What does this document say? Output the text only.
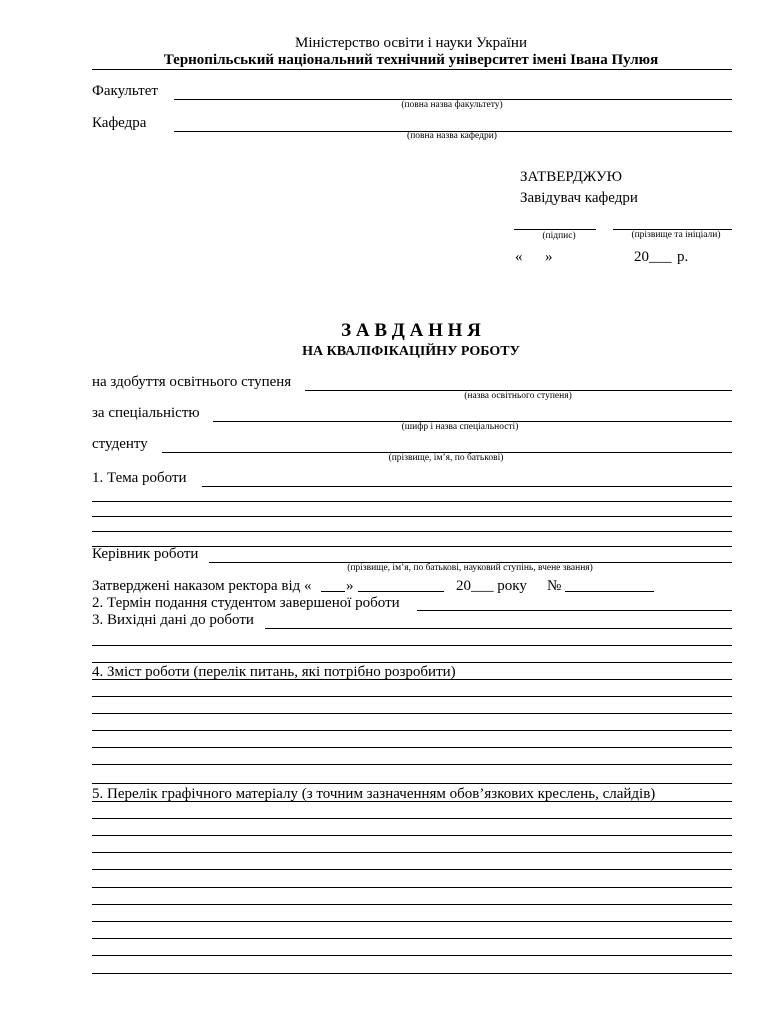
Міністерство освіти і науки України
Тернопільський національний технічний університет імені Івана Пулюя
Факультет
(повна назва факультету)
Кафедра
(повна назва кафедри)
ЗАТВЕРДЖУЮ
Завідувач кафедри
(підпис)	(прізвище та ініціали)
« »	20___ р.
З А В Д А Н Н Я
НА КВАЛІФІКАЦІЙНУ РОБОТУ
на здобуття освітнього ступеня
(назва освітнього ступеня)
за спеціальністю
(шифр і назва спеціальності)
студенту
(прізвище, ім’я, по батькові)
1. Тема роботи
Керівник роботи
(прізвище, ім’я, по батькові, науковий ступінь, вчене звання)
Затверджені наказом ректора від « »	20___ року №
2. Термін подання студентом завершеної роботи
3. Вихідні дані до роботи
4. Зміст роботи (перелік питань, які потрібно розробити)
5. Перелік графічного матеріалу (з точним зазначенням обов’язкових креслень, слайдів)
